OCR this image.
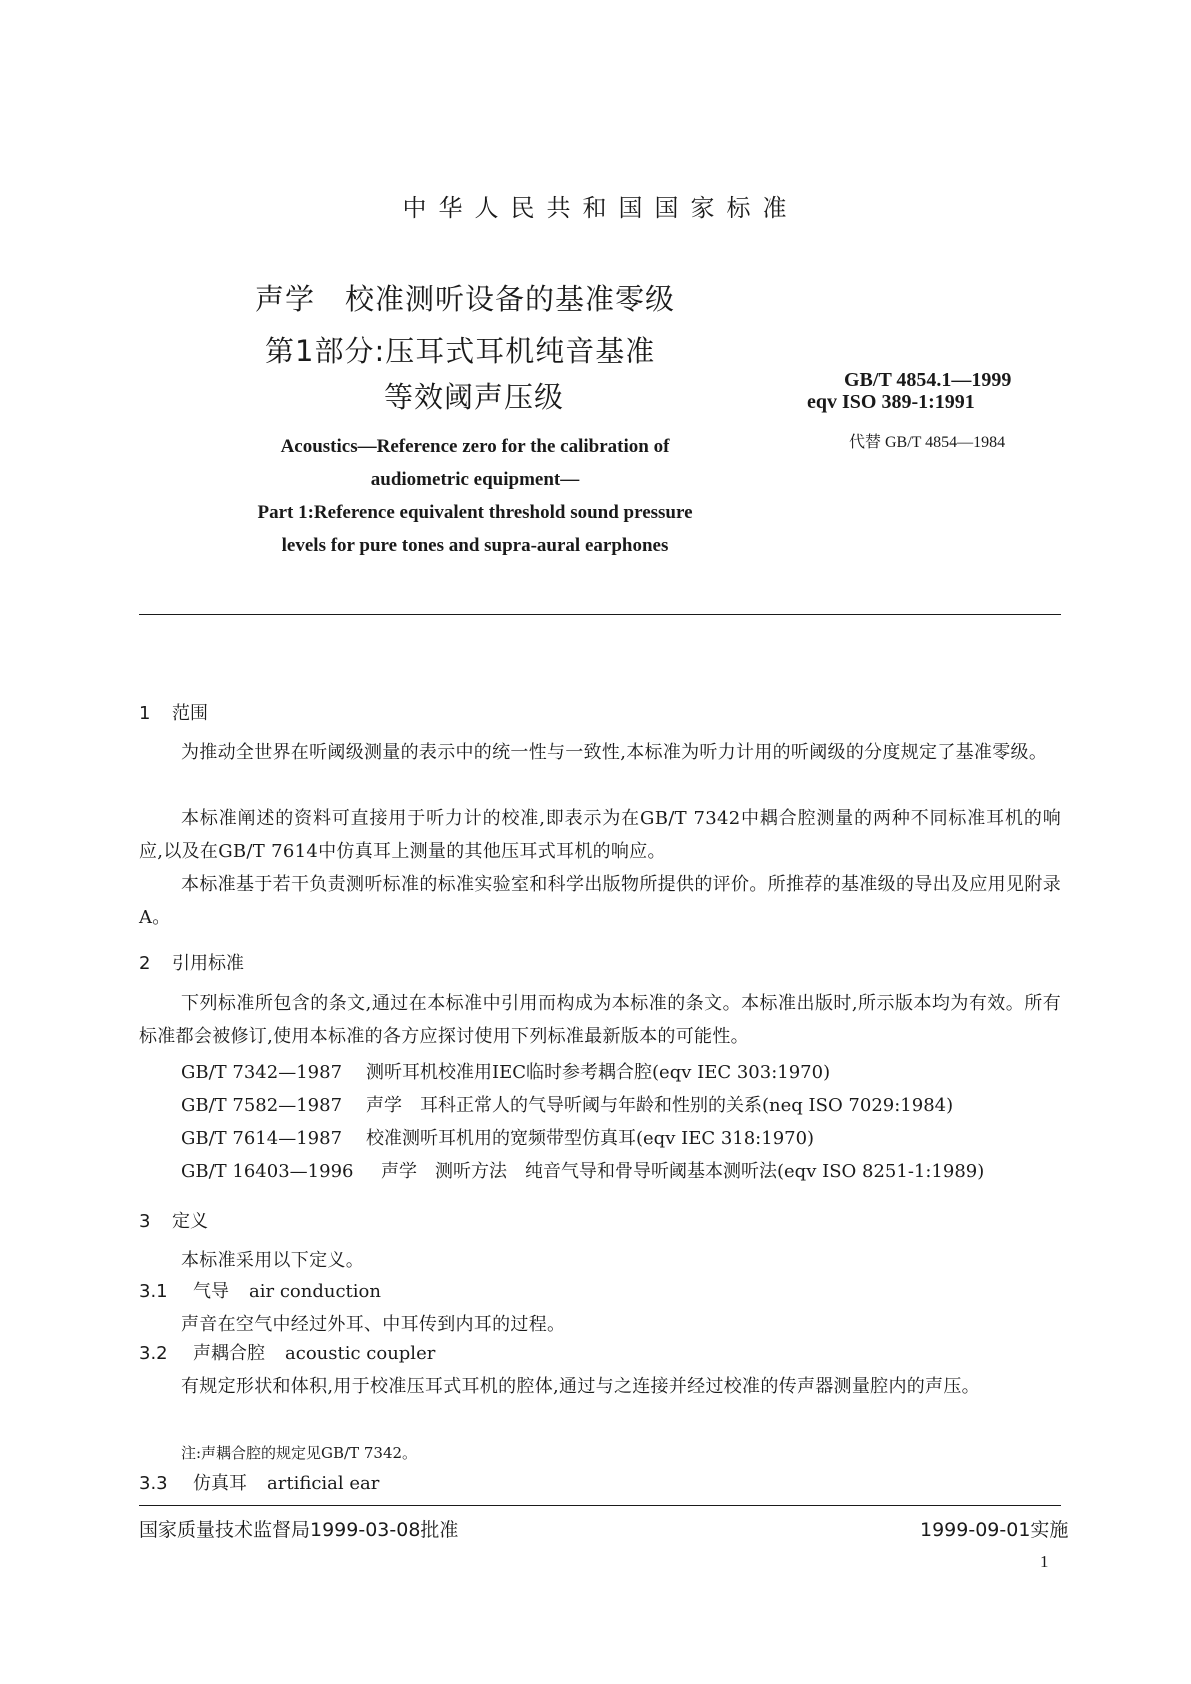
中华人民共和国国家标准
声学　校准测听设备的基准零级
第1部分:压耳式耳机纯音基准
等效阈声压级	GB/T 4854.1—1999
eqv ISO 389-1:1991
代替 GB/T 4854—1984
Acoustics—Reference zero for the calibration of
audiometric equipment—
Part 1:Reference equivalent threshold sound pressure
levels for pure tones and supra-aural earphones
1 范围
为推动全世界在听阈级测量的表示中的统一性与一致性,本标准为听力计用的听阈级的分度规定了基准零级。
本标准阐述的资料可直接用于听力计的校准,即表示为在GB/T 7342中耦合腔测量的两种不同标准耳机的响应,以及在GB/T 7614中仿真耳上测量的其他压耳式耳机的响应。
本标准基于若干负责测听标准的标准实验室和科学出版物所提供的评价。所推荐的基准级的导出及应用见附录A。
2 引用标准
下列标准所包含的条文,通过在本标准中引用而构成为本标准的条文。本标准出版时,所示版本均为有效。所有标准都会被修订,使用本标准的各方应探讨使用下列标准最新版本的可能性。
GB/T 7342—1987 测听耳机校准用IEC临时参考耦合腔(eqv IEC 303:1970)
GB/T 7582—1987 声学　耳科正常人的气导听阈与年龄和性别的关系(neq ISO 7029:1984)
GB/T 7614—1987 校准测听耳机用的宽频带型仿真耳(eqv IEC 318:1970)
GB/T 16403—1996 声学　测听方法　纯音气导和骨导听阈基本测听法(eqv ISO 8251-1:1989)
3 定义
本标准采用以下定义。
3.1 气导 air conduction
声音在空气中经过外耳、中耳传到内耳的过程。
3.2 声耦合腔 acoustic coupler
有规定形状和体积,用于校准压耳式耳机的腔体,通过与之连接并经过校准的传声器测量腔内的声压。
注:声耦合腔的规定见GB/T 7342。
3.3 仿真耳 artificial ear
国家质量技术监督局1999-03-08批准	1999-09-01实施
1
